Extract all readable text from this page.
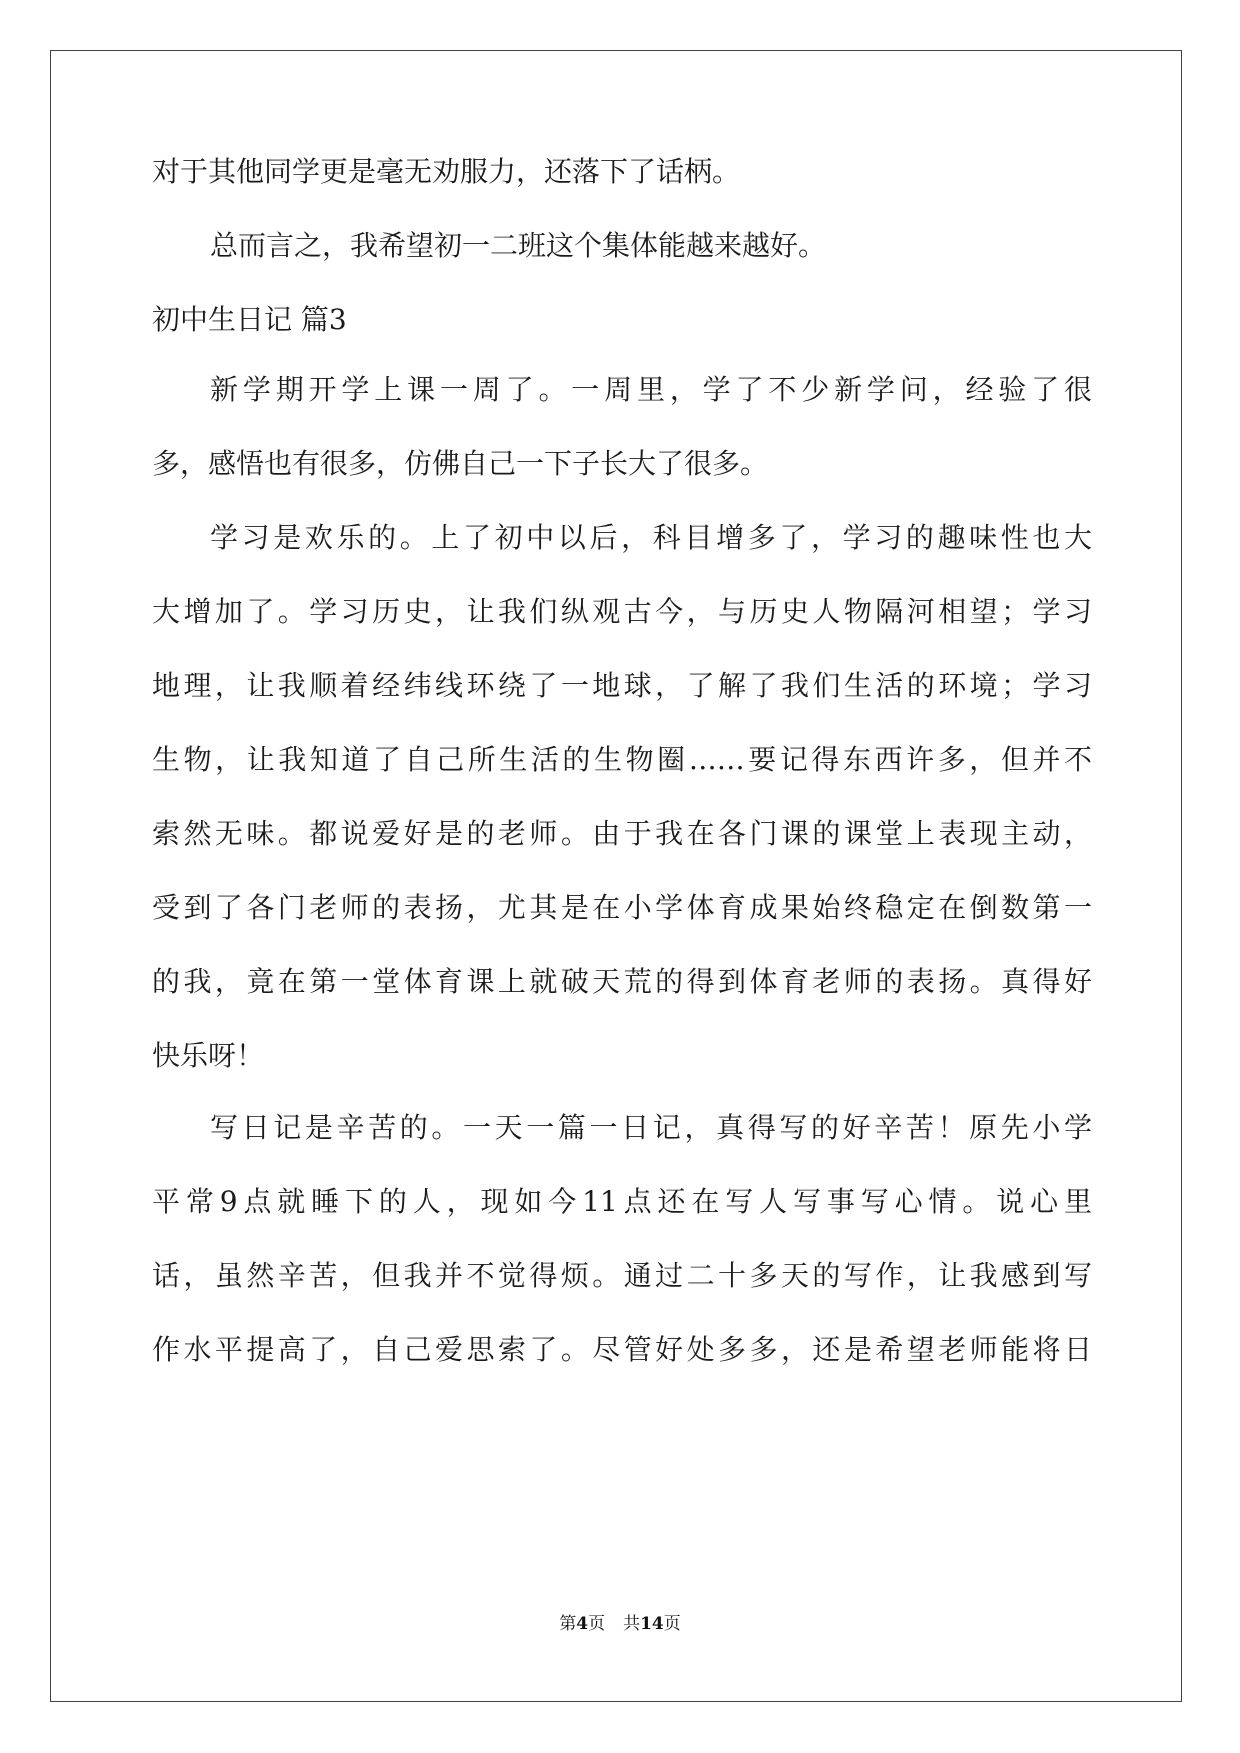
对于其他同学更是毫无劝服力，还落下了话柄。
总而言之，我希望初一二班这个集体能越来越好。
初中生日记 篇3
新学期开学上课一周了。一周里，学了不少新学问，经验了很
多，感悟也有很多，仿佛自己一下子长大了很多。
学习是欢乐的。上了初中以后，科目增多了，学习的趣味性也大
大增加了。学习历史，让我们纵观古今，与历史人物隔河相望；学习
地理，让我顺着经纬线环绕了一地球，了解了我们生活的环境；学习
生物，让我知道了自己所生活的生物圈……要记得东西许多，但并不
索然无味。都说爱好是的老师。由于我在各门课的课堂上表现主动，
受到了各门老师的表扬，尤其是在小学体育成果始终稳定在倒数第一
的我，竟在第一堂体育课上就破天荒的得到体育老师的表扬。真得好
快乐呀！
写日记是辛苦的。一天一篇一日记，真得写的好辛苦！原先小学
平常9点就睡下的人，现如今11点还在写人写事写心情。说心里
话，虽然辛苦，但我并不觉得烦。通过二十多天的写作，让我感到写
作水平提高了，自己爱思索了。尽管好处多多，还是希望老师能将日
第4页 共14页
